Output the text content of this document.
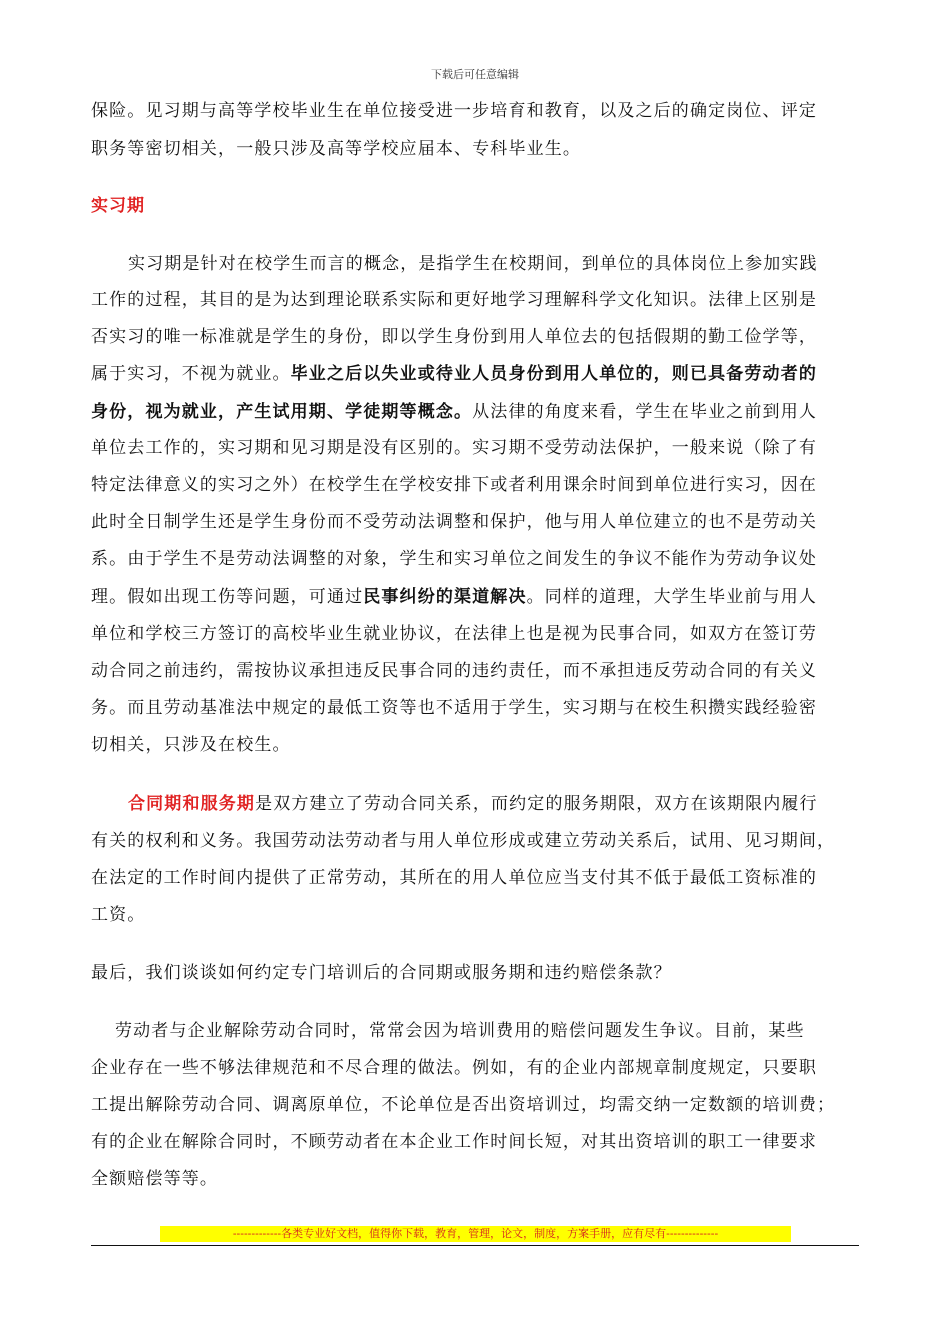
下载后可任意编辑
保险。见习期与高等学校毕业生在单位接受进一步培育和教育，以及之后的确定岗位、评定
职务等密切相关，一般只涉及高等学校应届本、专科毕业生。
实习期
实习期是针对在校学生而言的概念，是指学生在校期间，到单位的具体岗位上参加实践
工作的过程，其目的是为达到理论联系实际和更好地学习理解科学文化知识。法律上区别是
否实习的唯一标准就是学生的身份，即以学生身份到用人单位去的包括假期的勤工俭学等，
属于实习，不视为就业。毕业之后以失业或待业人员身份到用人单位的，则已具备劳动者的
身份，视为就业，产生试用期、学徒期等概念。从法律的角度来看，学生在毕业之前到用人
单位去工作的，实习期和见习期是没有区别的。实习期不受劳动法保护，一般来说（除了有
特定法律意义的实习之外）在校学生在学校安排下或者利用课余时间到单位进行实习，因在
此时全日制学生还是学生身份而不受劳动法调整和保护，他与用人单位建立的也不是劳动关
系。由于学生不是劳动法调整的对象，学生和实习单位之间发生的争议不能作为劳动争议处
理。假如出现工伤等问题，可通过民事纠纷的渠道解决。同样的道理，大学生毕业前与用人
单位和学校三方签订的高校毕业生就业协议，在法律上也是视为民事合同，如双方在签订劳
动合同之前违约，需按协议承担违反民事合同的违约责任，而不承担违反劳动合同的有关义
务。而且劳动基准法中规定的最低工资等也不适用于学生，实习期与在校生积攒实践经验密
切相关，只涉及在校生。
合同期和服务期是双方建立了劳动合同关系，而约定的服务期限，双方在该期限内履行
有关的权利和义务。我国劳动法劳动者与用人单位形成或建立劳动关系后，试用、见习期间，
在法定的工作时间内提供了正常劳动，其所在的用人单位应当支付其不低于最低工资标准的
工资。
最后，我们谈谈如何约定专门培训后的合同期或服务期和违约赔偿条款？
劳动者与企业解除劳动合同时，常常会因为培训费用的赔偿问题发生争议。目前，某些
企业存在一些不够法律规范和不尽合理的做法。例如，有的企业内部规章制度规定，只要职
工提出解除劳动合同、调离原单位，不论单位是否出资培训过，均需交纳一定数额的培训费；
有的企业在解除合同时，不顾劳动者在本企业工作时间长短，对其出资培训的职工一律要求
全额赔偿等等。
-------------各类专业好文档，值得你下载，教育，管理，论文，制度，方案手册，应有尽有--------------
